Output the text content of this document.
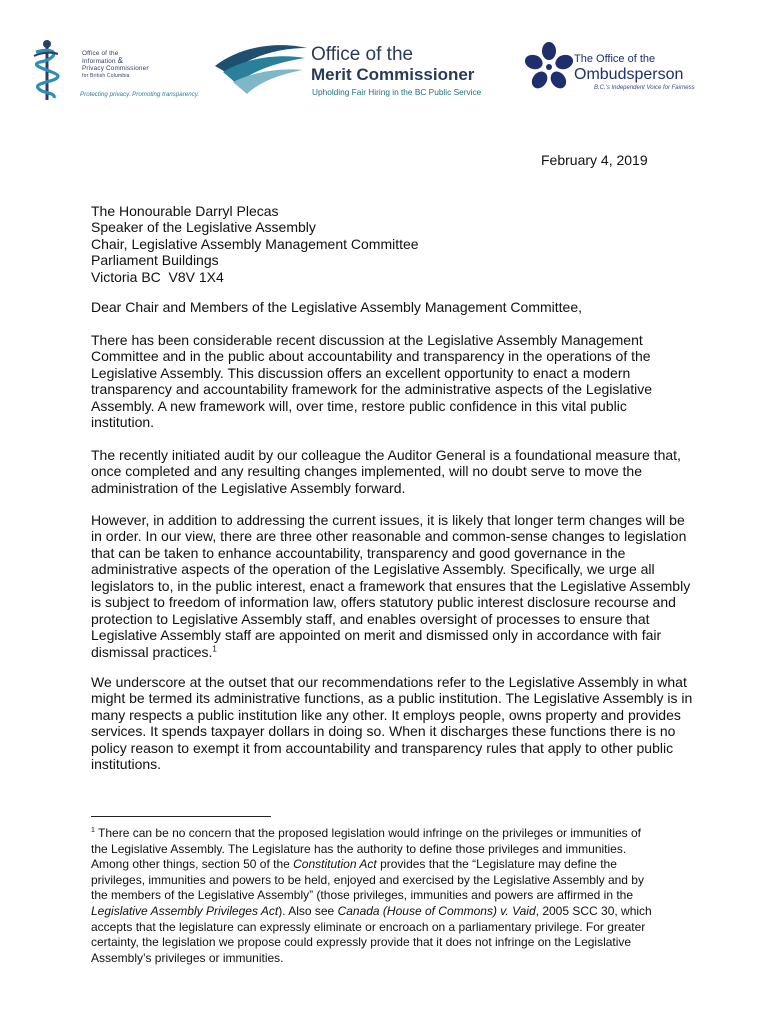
Office of the
Information &
Privacy Commissioner
for British Columbia
Protecting privacy. Promoting transparency.
Office of the
Merit Commissioner
Upholding Fair Hiring in the BC Public Service
The Office of the
Ombudsperson
B.C.'s Independent Voice for Fairness
February 4, 2019
The Honourable Darryl Plecas
Speaker of the Legislative Assembly
Chair, Legislative Assembly Management Committee
Parliament Buildings
Victoria BC  V8V 1X4
Dear Chair and Members of the Legislative Assembly Management Committee,
There has been considerable recent discussion at the Legislative Assembly Management
Committee and in the public about accountability and transparency in the operations of the
Legislative Assembly. This discussion offers an excellent opportunity to enact a modern
transparency and accountability framework for the administrative aspects of the Legislative
Assembly. A new framework will, over time, restore public confidence in this vital public
institution.
The recently initiated audit by our colleague the Auditor General is a foundational measure that,
once completed and any resulting changes implemented, will no doubt serve to move the
administration of the Legislative Assembly forward.
However, in addition to addressing the current issues, it is likely that longer term changes will be
in order. In our view, there are three other reasonable and common-sense changes to legislation
that can be taken to enhance accountability, transparency and good governance in the
administrative aspects of the operation of the Legislative Assembly. Specifically, we urge all
legislators to, in the public interest, enact a framework that ensures that the Legislative Assembly
is subject to freedom of information law, offers statutory public interest disclosure recourse and
protection to Legislative Assembly staff, and enables oversight of processes to ensure that
Legislative Assembly staff are appointed on merit and dismissed only in accordance with fair
dismissal practices.$^1$
We underscore at the outset that our recommendations refer to the Legislative Assembly in what
might be termed its administrative functions, as a public institution. The Legislative Assembly is in
many respects a public institution like any other. It employs people, owns property and provides
services. It spends taxpayer dollars in doing so. When it discharges these functions there is no
policy reason to exempt it from accountability and transparency rules that apply to other public
institutions.
$^1$ There can be no concern that the proposed legislation would infringe on the privileges or immunities of
the Legislative Assembly. The Legislature has the authority to define those privileges and immunities.
Among other things, section 50 of the Constitution Act provides that the “Legislature may define the
privileges, immunities and powers to be held, enjoyed and exercised by the Legislative Assembly and by
the members of the Legislative Assembly” (those privileges, immunities and powers are affirmed in the
Legislative Assembly Privileges Act). Also see Canada (House of Commons) v. Vaid, 2005 SCC 30, which
accepts that the legislature can expressly eliminate or encroach on a parliamentary privilege. For greater
certainty, the legislation we propose could expressly provide that it does not infringe on the Legislative
Assembly’s privileges or immunities.
